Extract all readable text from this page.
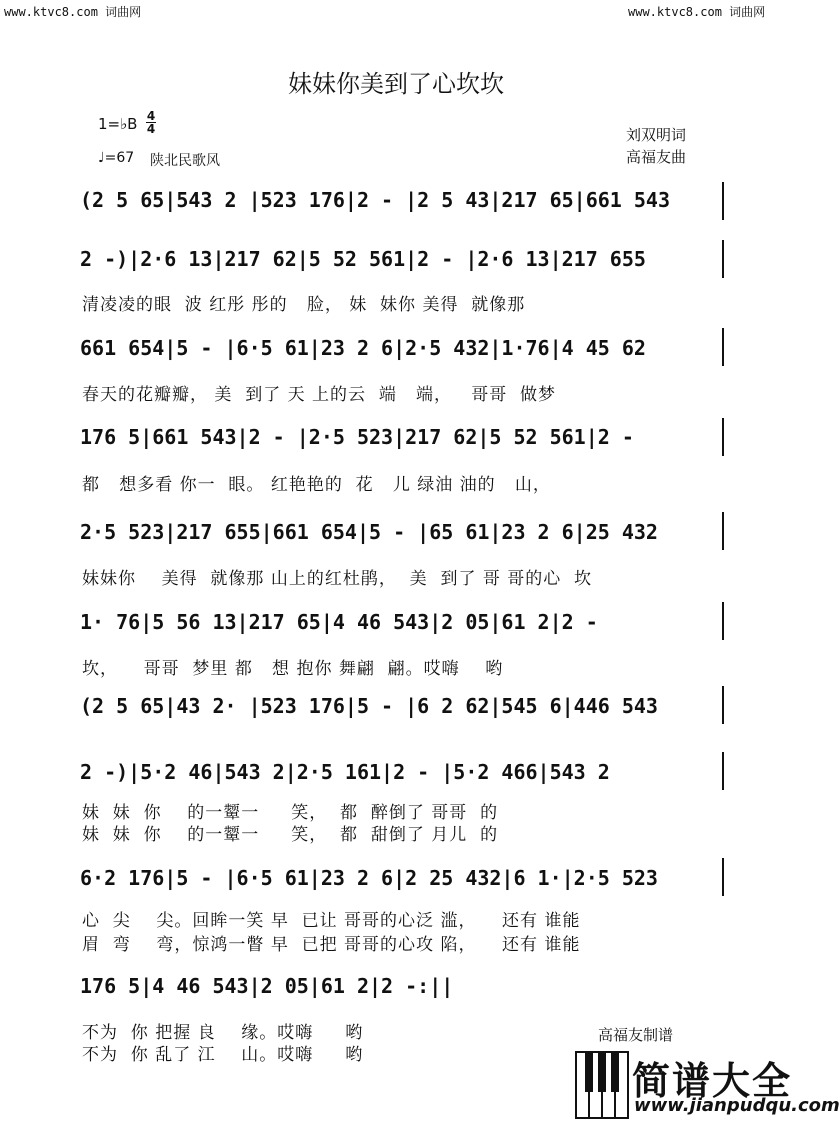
www.ktvc8.com 词曲网	www.ktvc8.com 词曲网
妹妹你美到了心坎坎
1=♭B 4
4
♩=67 陕北民歌风
刘双明词
高福友曲
(2 5 65|543 2 |523 176|2 - |2 5 43|217 65|661 543
2 -)|2·6 13|217 62|5 52 561|2 - |2·6 13|217 655
661 654|5 - |6·5 61|23 2 6|2·5 432|1·76|4 45 62
176 5|661 543|2 - |2·5 523|217 62|5 52 561|2 -
2·5 523|217 655|661 654|5 - |65 61|23 2 6|25 432
1· 76|5 56 13|217 65|4 46 543|2 05|61 2|2 -
(2 5 65|43 2· |523 176|5 - |6 2 62|545 6|446 543
2 -)|5·2 46|543 2|2·5 161|2 - |5·2 466|543 2
6·2 176|5 - |6·5 61|23 2 6|2 25 432|6 1·|2·5 523
176 5|4 46 543|2 05|61 2|2 -:||
清凌凌的眼  波 红彤 彤的   脸， 妹  妹你 美得  就像那
春天的花瓣瓣， 美  到了 天 上的云  端   端，   哥哥  做梦
都   想多看 你一  眼。 红艳艳的  花   儿 绿油 油的   山，
妹妹你    美得  就像那 山上的红杜鹃，  美  到了 哥 哥的心  坎
坎，    哥哥  梦里 都   想 抱你 舞翩  翩。哎嗨    哟
妹  妹  你    的一颦一     笑，  都  醉倒了 哥哥  的
妹  妹  你    的一颦一     笑，  都  甜倒了 月儿  的
心  尖    尖。回眸一笑 早  已让 哥哥的心泛 滥，    还有 谁能
眉  弯    弯，惊鸿一瞥 早  已把 哥哥的心攻 陷，    还有 谁能
不为  你 把握 良    缘。哎嗨     哟
不为  你 乱了 江    山。哎嗨     哟
高福友制谱
简谱大全
www.jianpudqu.com
